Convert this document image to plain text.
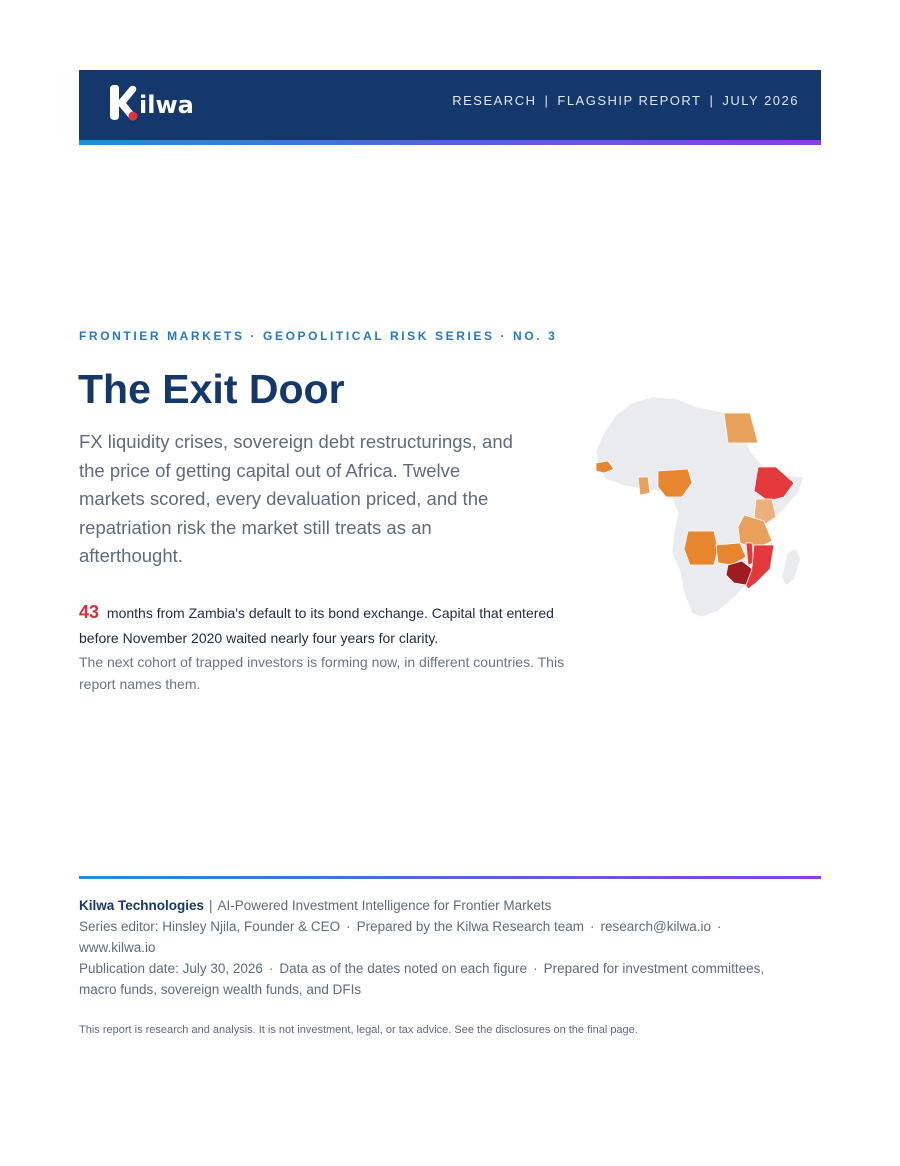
ilwa	RESEARCH | FLAGSHIP REPORT | JULY 2026
FRONTIER MARKETS · GEOPOLITICAL RISK SERIES · NO. 3
The Exit Door

FX liquidity crises, sovereign debt restructurings, and the price of getting capital out of Africa. Twelve markets scored, every devaluation priced, and the repatriation risk the market still treats as an afterthought.

43 months from Zambia's default to its bond exchange. Capital that entered before November 2020 waited nearly four years for clarity.

The next cohort of trapped investors is forming now, in different countries. This report names them.

Kilwa Technologies | AI-Powered Investment Intelligence for Frontier Markets

Series editor: Hinsley Njila, Founder & CEO · Prepared by the Kilwa Research team · research@kilwa.io ·
www.kilwa.io

Publication date: July 30, 2026 · Data as of the dates noted on each figure · Prepared for investment committees, macro funds, sovereign wealth funds, and DFIs

This report is research and analysis. It is not investment, legal, or tax advice. See the disclosures on the final page.
